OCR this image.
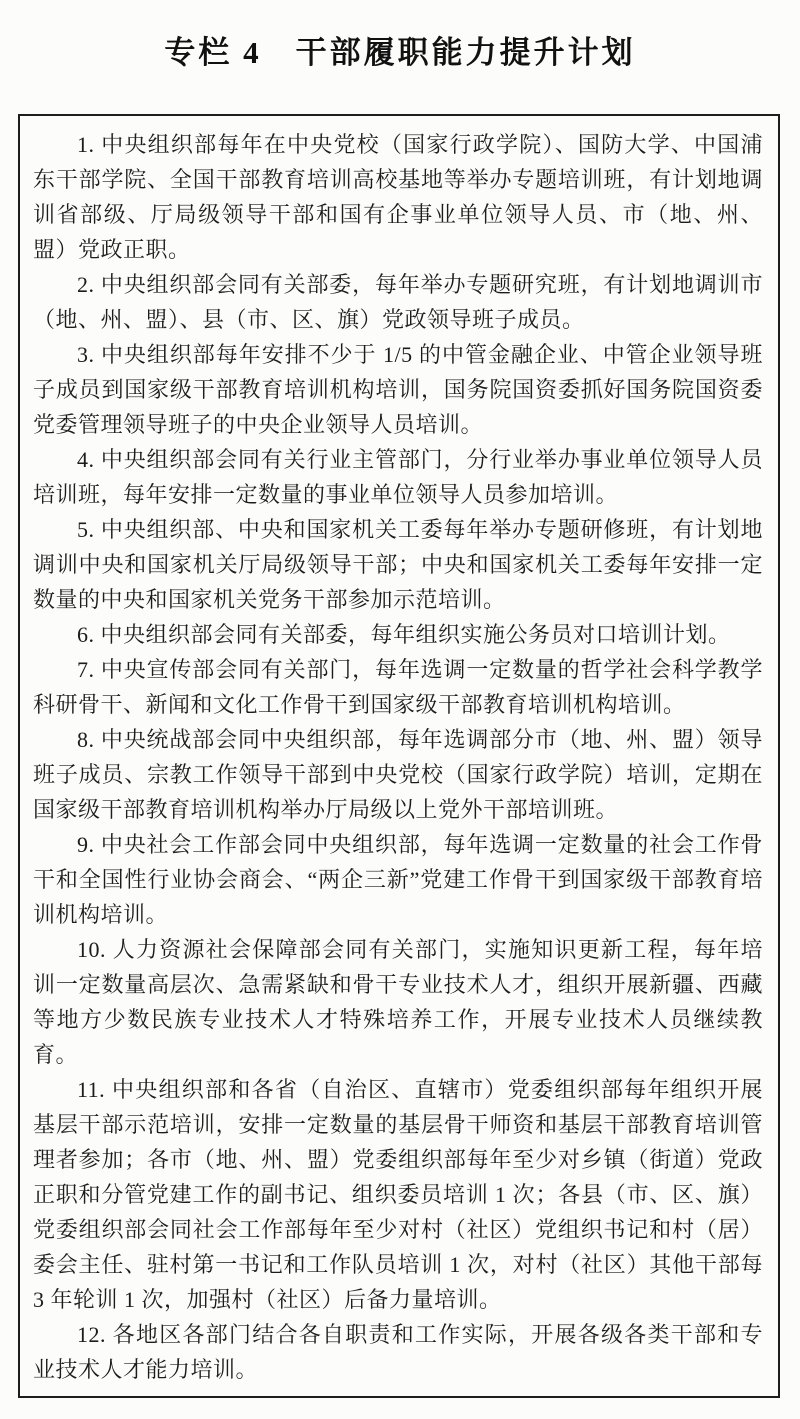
专栏 4　干部履职能力提升计划

1. 中央组织部每年在中央党校（国家行政学院）、国防大学、中国浦东干部学院、全国干部教育培训高校基地等举办专题培训班，有计划地调训省部级、厅局级领导干部和国有企事业单位领导人员、市（地、州、盟）党政正职。

2. 中央组织部会同有关部委，每年举办专题研究班，有计划地调训市（地、州、盟）、县（市、区、旗）党政领导班子成员。

3. 中央组织部每年安排不少于 1/5 的中管金融企业、中管企业领导班子成员到国家级干部教育培训机构培训，国务院国资委抓好国务院国资委党委管理领导班子的中央企业领导人员培训。

4. 中央组织部会同有关行业主管部门，分行业举办事业单位领导人员培训班，每年安排一定数量的事业单位领导人员参加培训。

5. 中央组织部、中央和国家机关工委每年举办专题研修班，有计划地调训中央和国家机关厅局级领导干部；中央和国家机关工委每年安排一定数量的中央和国家机关党务干部参加示范培训。

6. 中央组织部会同有关部委，每年组织实施公务员对口培训计划。

7. 中央宣传部会同有关部门，每年选调一定数量的哲学社会科学教学科研骨干、新闻和文化工作骨干到国家级干部教育培训机构培训。

8. 中央统战部会同中央组织部，每年选调部分市（地、州、盟）领导班子成员、宗教工作领导干部到中央党校（国家行政学院）培训，定期在国家级干部教育培训机构举办厅局级以上党外干部培训班。

9. 中央社会工作部会同中央组织部，每年选调一定数量的社会工作骨干和全国性行业协会商会、“两企三新”党建工作骨干到国家级干部教育培训机构培训。

10. 人力资源社会保障部会同有关部门，实施知识更新工程，每年培训一定数量高层次、急需紧缺和骨干专业技术人才，组织开展新疆、西藏等地方少数民族专业技术人才特殊培养工作，开展专业技术人员继续教育。

11. 中央组织部和各省（自治区、直辖市）党委组织部每年组织开展基层干部示范培训，安排一定数量的基层骨干师资和基层干部教育培训管理者参加；各市（地、州、盟）党委组织部每年至少对乡镇（街道）党政正职和分管党建工作的副书记、组织委员培训 1 次；各县（市、区、旗）党委组织部会同社会工作部每年至少对村（社区）党组织书记和村（居）委会主任、驻村第一书记和工作队员培训 1 次，对村（社区）其他干部每 3 年轮训 1 次，加强村（社区）后备力量培训。

12. 各地区各部门结合各自职责和工作实际，开展各级各类干部和专业技术人才能力培训。
